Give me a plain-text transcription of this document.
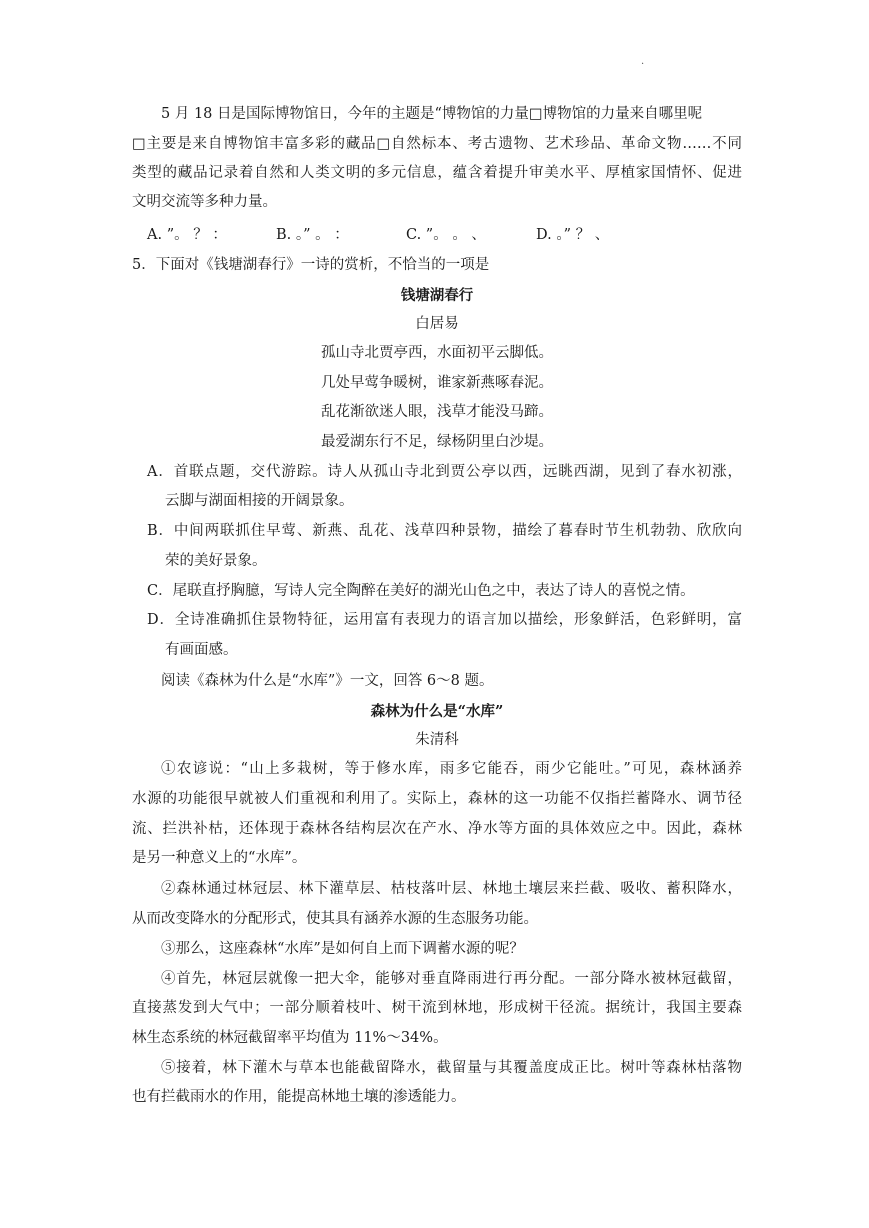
.
5 月 18 日是国际博物馆日，今年的主题是“博物馆的力量□博物馆的力量来自哪里呢
□主要是来自博物馆丰富多彩的藏品□自然标本、考古遗物、艺术珍品、革命文物……不同
类型的藏品记录着自然和人类文明的多元信息，蕴含着提升审美水平、厚植家国情怀、促进
文明交流等多种力量。
A. ”。 ？ ：	B. 。” 。 ：	C. ”。 。 、	D. 。” ？ 、
5．下面对《钱塘湖春行》一诗的赏析，不恰当的一项是
钱塘湖春行
白居易
孤山寺北贾亭西，水面初平云脚低。
几处早莺争暖树，谁家新燕啄春泥。
乱花渐欲迷人眼，浅草才能没马蹄。
最爱湖东行不足，绿杨阴里白沙堤。
A．首联点题，交代游踪。诗人从孤山寺北到贾公亭以西，远眺西湖，见到了春水初涨，
云脚与湖面相接的开阔景象。
B．中间两联抓住早莺、新燕、乱花、浅草四种景物，描绘了暮春时节生机勃勃、欣欣向
荣的美好景象。
C．尾联直抒胸臆，写诗人完全陶醉在美好的湖光山色之中，表达了诗人的喜悦之情。
D．全诗准确抓住景物特征，运用富有表现力的语言加以描绘，形象鲜活，色彩鲜明，富
有画面感。
阅读《森林为什么是“水库”》一文，回答 6～8 题。
森林为什么是“水库”
朱清科
①农谚说：“山上多栽树，等于修水库，雨多它能吞，雨少它能吐。”可见，森林涵养
水源的功能很早就被人们重视和利用了。实际上，森林的这一功能不仅指拦蓄降水、调节径
流、拦洪补枯，还体现于森林各结构层次在产水、净水等方面的具体效应之中。因此，森林
是另一种意义上的“水库”。
②森林通过林冠层、林下灌草层、枯枝落叶层、林地土壤层来拦截、吸收、蓄积降水，
从而改变降水的分配形式，使其具有涵养水源的生态服务功能。
③那么，这座森林“水库”是如何自上而下调蓄水源的呢？
④首先，林冠层就像一把大伞，能够对垂直降雨进行再分配。一部分降水被林冠截留，
直接蒸发到大气中；一部分顺着枝叶、树干流到林地，形成树干径流。据统计，我国主要森
林生态系统的林冠截留率平均值为 11%～34%。
⑤接着，林下灌木与草本也能截留降水，截留量与其覆盖度成正比。树叶等森林枯落物
也有拦截雨水的作用，能提高林地土壤的渗透能力。
